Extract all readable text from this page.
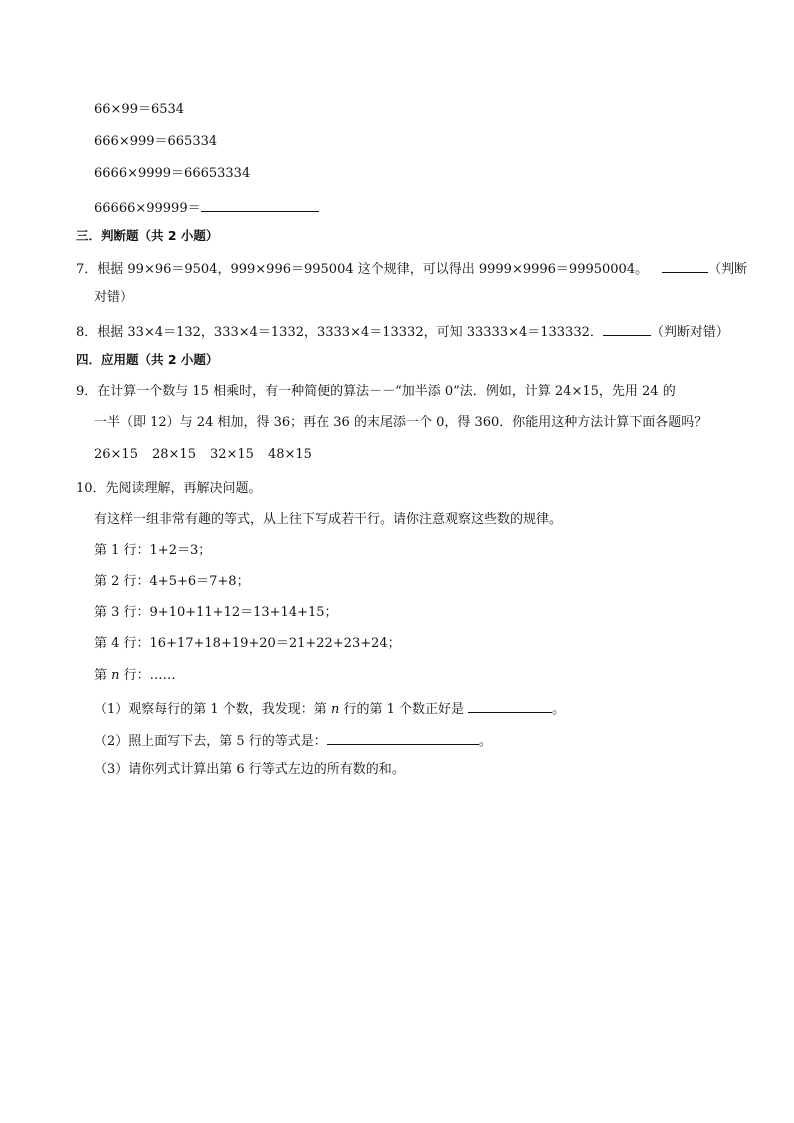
66×99＝6534
666×999＝665334
6666×9999＝66653334
66666×99999＝
三．判断题（共 2 小题）
7．根据 99×96＝9504，999×996＝995004 这个规律，可以得出 9999×9996＝99950004。	（判断
对错）
8．根据 33×4＝132，333×4＝1332，3333×4＝13332，可知 33333×4＝133332．	（判断对错）
四．应用题（共 2 小题）
9．在计算一个数与 15 相乘时，有一种简便的算法－－“加半添 0”法．例如，计算 24×15，先用 24 的
一半（即 12）与 24 相加，得 36；再在 36 的末尾添一个 0，得 360．你能用这种方法计算下面各题吗？
26×15 28×15 32×15 48×15
10．先阅读理解，再解决问题。
有这样一组非常有趣的等式，从上往下写成若干行。请你注意观察这些数的规律。
第 1 行：1+2＝3；
第 2 行：4+5+6＝7+8；
第 3 行：9+10+11+12＝13+14+15；
第 4 行：16+17+18+19+20＝21+22+23+24；
第 n 行：……
（1）观察每行的第 1 个数，我发现：第 n 行的第 1 个数正好是	。
（2）照上面写下去，第 5 行的等式是：	。
（3）请你列式计算出第 6 行等式左边的所有数的和。
